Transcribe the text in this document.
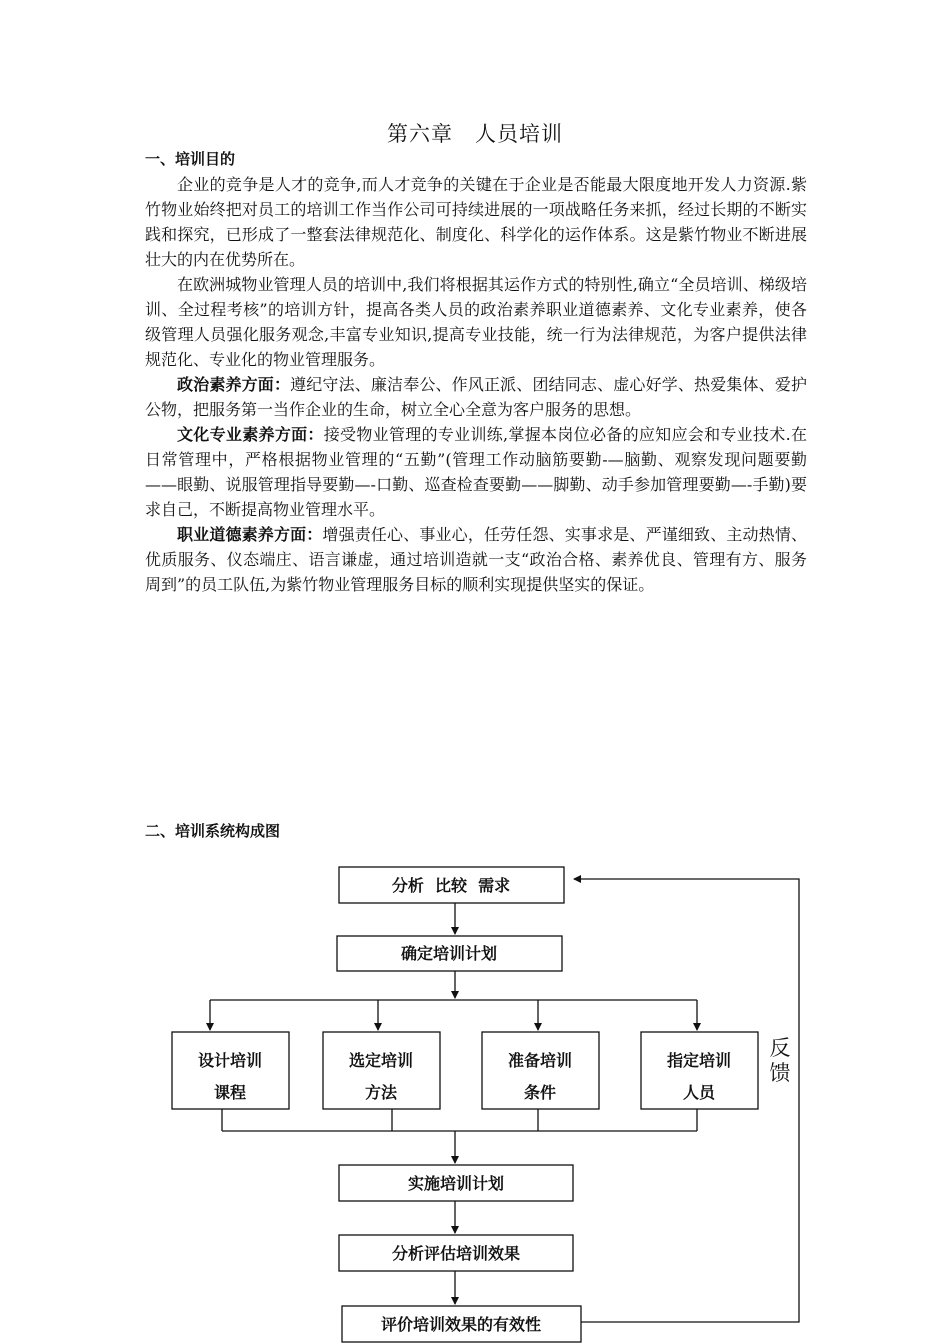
第六章 人员培训
一、培训目的

企业的竞争是人才的竞争,而人才竞争的关键在于企业是否能最大限度地开发人力资源.紫竹物业始终把对员工的培训工作当作公司可持续进展的一项战略任务来抓，经过长期的不断实践和探究，已形成了一整套法律规范化、制度化、科学化的运作体系。这是紫竹物业不断进展壮大的内在优势所在。

在欧洲城物业管理人员的培训中,我们将根据其运作方式的特别性,确立“全员培训、梯级培训、全过程考核”的培训方针，提高各类人员的政治素养职业道德素养、文化专业素养，使各级管理人员强化服务观念,丰富专业知识,提高专业技能，统一行为法律规范，为客户提供法律规范化、专业化的物业管理服务。

政治素养方面：遵纪守法、廉洁奉公、作风正派、团结同志、虚心好学、热爱集体、爱护公物，把服务第一当作企业的生命，树立全心全意为客户服务的思想。

文化专业素养方面：接受物业管理的专业训练,掌握本岗位必备的应知应会和专业技术.在日常管理中，严格根据物业管理的“五勤”(管理工作动脑筋要勤-—脑勤、观察发现问题要勤——眼勤、说服管理指导要勤—-口勤、巡查检查要勤——脚勤、动手参加管理要勤—-手勤)要求自己，不断提高物业管理水平。

职业道德素养方面：增强责任心、事业心，任劳任怨、实事求是、严谨细致、主动热情、优质服务、仪态端庄、语言谦虚，通过培训造就一支“政治合格、素养优良、管理有方、服务周到”的员工队伍,为紫竹物业管理服务目标的顺利实现提供坚实的保证。

二、培训系统构成图
分析  比较  需求
确定培训计划
设计培训
课程
选定培训
方法
准备培训
条件
指定培训
人员
实施培训计划
分析评估培训效果
评价培训效果的有效性
反
馈
